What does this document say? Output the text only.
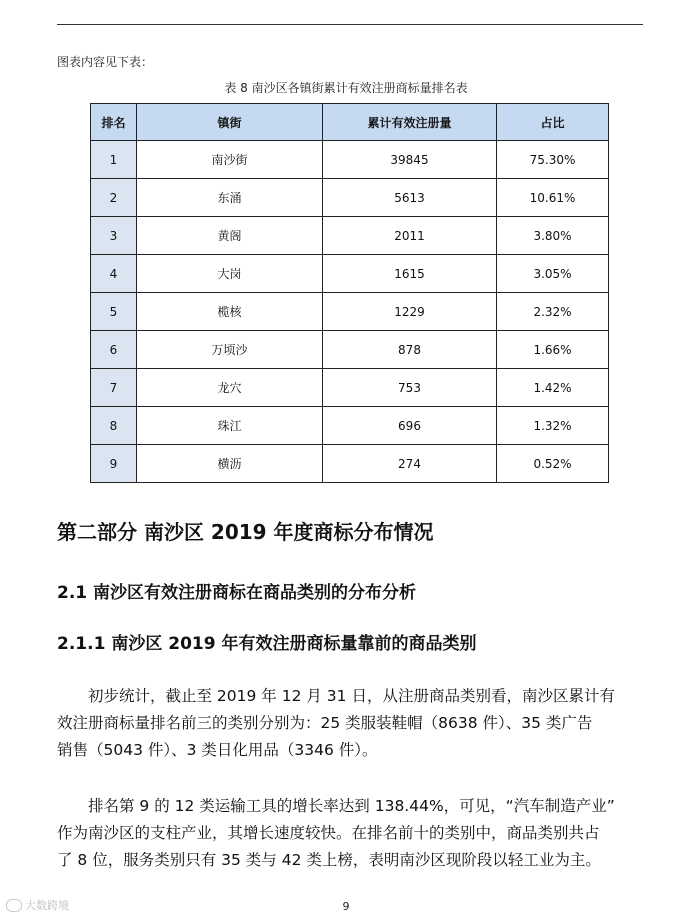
图表内容见下表：
表 8 南沙区各镇街累计有效注册商标量排名表
排名	镇街	累计有效注册量	占比
1	南沙街	39845	75.30%
2	东涌	5613	10.61%
3	黄阁	2011	3.80%
4	大岗	1615	3.05%
5	榄核	1229	2.32%
6	万顷沙	878	1.66%
7	龙穴	753	1.42%
8	珠江	696	1.32%
9	横沥	274	0.52%
第二部分 南沙区 2019 年度商标分布情况
2.1 南沙区有效注册商标在商品类别的分布分析
2.1.1 南沙区 2019 年有效注册商标量靠前的商品类别

初步统计，截止至 2019 年 12 月 31 日，从注册商品类别看，南沙区累计有
效注册商标量排名前三的类别分别为：25 类服装鞋帽（8638 件）、35 类广告
销售（5043 件）、3 类日化用品（3346 件）。

排名第 9 的 12 类运输工具的增长率达到 138.44%，可见，“汽车制造产业”
作为南沙区的支柱产业，其增长速度较快。在排名前十的类别中，商品类别共占
了 8 位，服务类别只有 35 类与 42 类上榜，表明南沙区现阶段以轻工业为主。

大数跨境	9
